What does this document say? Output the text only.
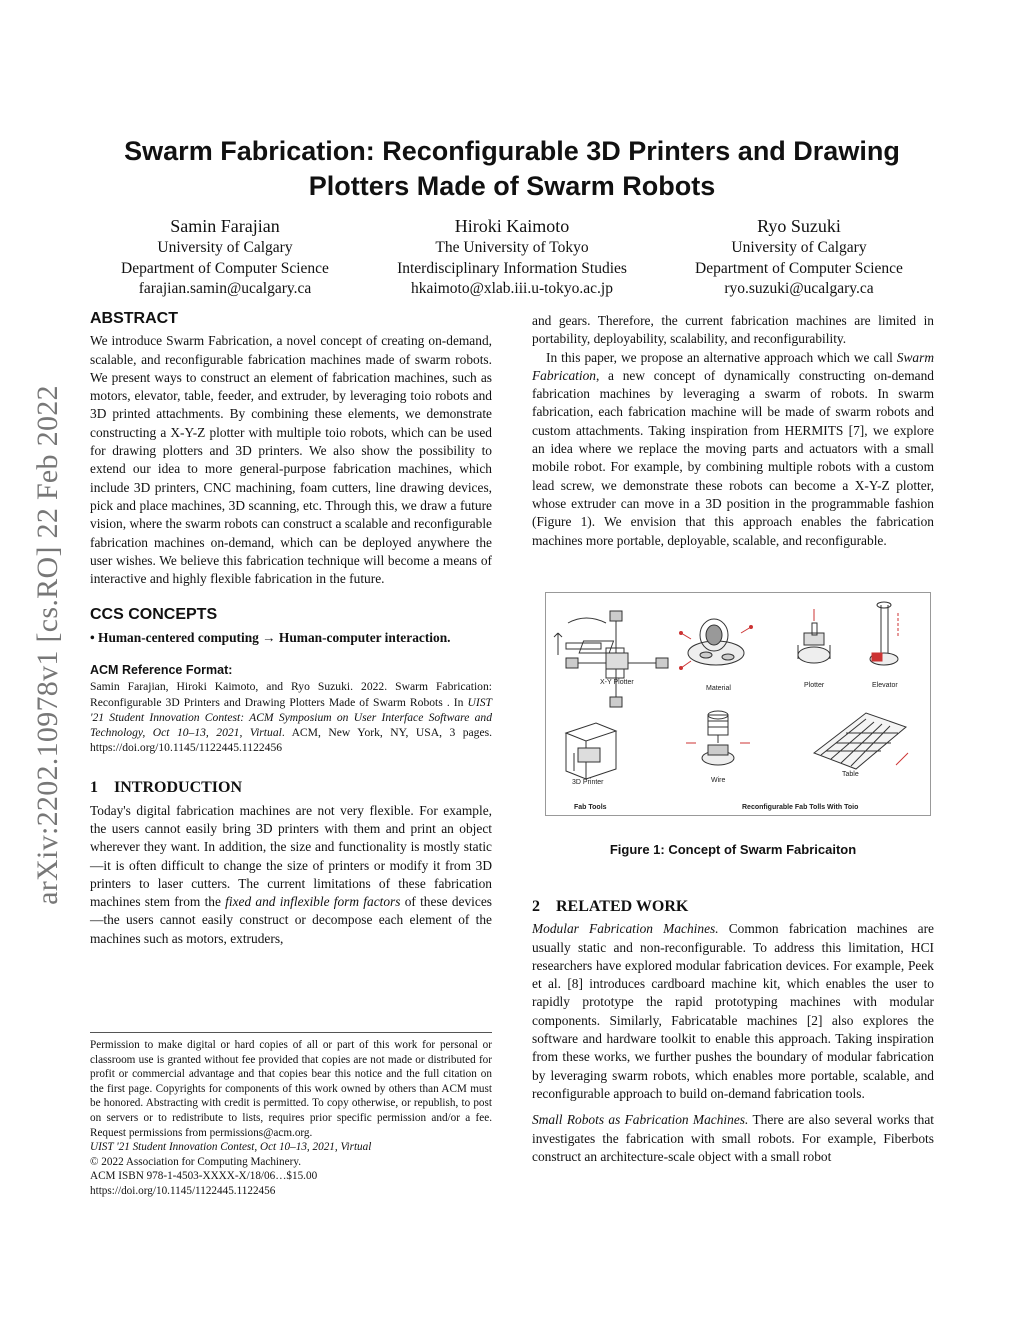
arXiv:2202.10978v1 [cs.RO] 22 Feb 2022
Swarm Fabrication: Reconfigurable 3D Printers and Drawing
Plotters Made of Swarm Robots
Samin Farajian
University of Calgary
Department of Computer Science
farajian.samin@ucalgary.ca
Hiroki Kaimoto
The University of Tokyo
Interdisciplinary Information Studies
hkaimoto@xlab.iii.u-tokyo.ac.jp
Ryo Suzuki
University of Calgary
Department of Computer Science
ryo.suzuki@ucalgary.ca

ABSTRACT

We introduce Swarm Fabrication, a novel concept of creating on-demand, scalable, and reconfigurable fabrication machines made of swarm robots. We present ways to construct an element of fabrication machines, such as motors, elevator, table, feeder, and extruder, by leveraging toio robots and 3D printed attachments. By combining these elements, we demonstrate constructing a X-Y-Z plotter with multiple toio robots, which can be used for drawing plotters and 3D printers. We also show the possibility to extend our idea to more general-purpose fabrication machines, which include 3D printers, CNC machining, foam cutters, line drawing devices, pick and place machines, 3D scanning, etc. Through this, we draw a future vision, where the swarm robots can construct a scalable and reconfigurable fabrication machines on-demand, which can be deployed anywhere the user wishes. We believe this fabrication technique will become a means of interactive and highly flexible fabrication in the future.

CCS CONCEPTS

• Human-centered computing → Human-computer interaction.

ACM Reference Format:

Samin Farajian, Hiroki Kaimoto, and Ryo Suzuki. 2022. Swarm Fabrication: Reconfigurable 3D Printers and Drawing Plotters Made of Swarm Robots . In UIST '21 Student Innovation Contest: ACM Symposium on User Interface Software and Technology, Oct 10–13, 2021, Virtual. ACM, New York, NY, USA, 3 pages. https://doi.org/10.1145/1122445.1122456

1    INTRODUCTION

Today's digital fabrication machines are not very flexible. For example, the users cannot easily bring 3D printers with them and print an object wherever they want. In addition, the size and functionality is mostly static—it is often difficult to change the size of printers or modify it from 3D printers to laser cutters. The current limitations of these fabrication machines stem from the fixed and inflexible form factors of these devices—the users cannot easily construct or decompose each element of the machines such as motors, extruders,

Permission to make digital or hard copies of all or part of this work for personal or classroom use is granted without fee provided that copies are not made or distributed for profit or commercial advantage and that copies bear this notice and the full citation on the first page. Copyrights for components of this work owned by others than ACM must be honored. Abstracting with credit is permitted. To copy otherwise, or republish, to post on servers or to redistribute to lists, requires prior specific permission and/or a fee. Request permissions from permissions@acm.org.

UIST '21 Student Innovation Contest, Oct 10–13, 2021, Virtual

© 2022 Association for Computing Machinery.

ACM ISBN 978-1-4503-XXXX-X/18/06…$15.00

https://doi.org/10.1145/1122445.1122456

and gears. Therefore, the current fabrication machines are limited in portability, deployability, scalability, and reconfigurability.

In this paper, we propose an alternative approach which we call Swarm Fabrication, a new concept of dynamically constructing on-demand fabrication machines by leveraging a swarm of robots. In swarm fabrication, each fabrication machine will be made of swarm robots and custom attachments. Taking inspiration from HERMITS [7], we explore an idea where we replace the moving parts and actuators with a small mobile robot. For example, by combining multiple robots with a custom lead screw, we demonstrate these robots can become a X-Y-Z plotter, whose extruder can move in a 3D position in the programmable fashion (Figure 1). We envision that this approach enables the fabrication machines more portable, deployable, scalable, and reconfigurable.

X-Y Plotter
Material	Plotter	Elevator
3D Printer	Wire
Table
Fab Tools	Reconfigurable Fab Tolls With Toio
Figure 1: Concept of Swarm Fabricaiton

2    RELATED WORK

Modular Fabrication Machines. Common fabrication machines are usually static and non-reconfigurable. To address this limitation, HCI researchers have explored modular fabrication devices. For example, Peek et al. [8] introduces cardboard machine kit, which enables the user to rapidly prototype the rapid prototyping machines with modular components. Similarly, Fabricatable machines [2] also explores the software and hardware toolkit to enable this approach. Taking inspiration from these works, we further pushes the boundary of modular fabrication by leveraging swarm robots, which enables more portable, scalable, and reconfigurable approach to build on-demand fabrication tools.

Small Robots as Fabrication Machines. There are also several works that investigates the fabrication with small robots. For example, Fiberbots construct an architecture-scale object with a small robot
